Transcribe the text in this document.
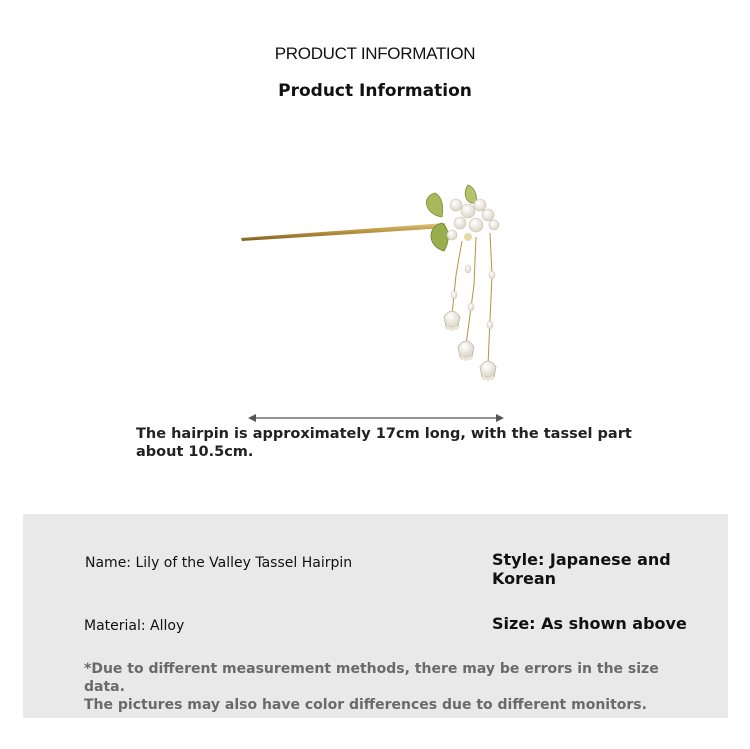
PRODUCT INFORMATION
Product Information
The hairpin is approximately 17cm long, with the tassel part
about 10.5cm.
Name: Lily of the Valley Tassel Hairpin
Material: Alloy
Style: Japanese and
Korean
Size: As shown above
*Due to different measurement methods, there may be errors in the size data.
The pictures may also have color differences due to different monitors.
